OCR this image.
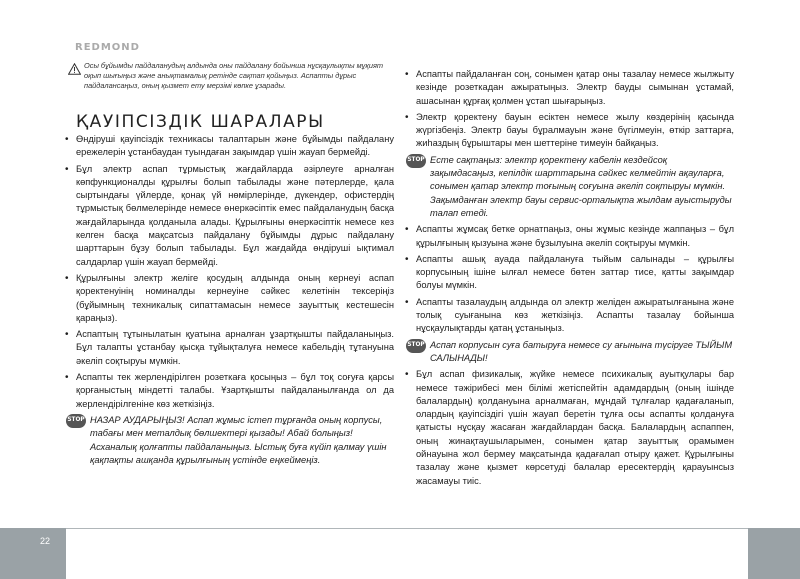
REDMOND
Осы бұйымды пайдаланудың алдында оны пайдалану бойынша нұсқаулықты мұқият оқып шығыңыз және анықтамалық ретінде сақтап қойыңыз. Аспапты дұрыс пайдалансаңыз, оның қызмет ету мерзімі көпке ұзарады.
ҚАУІПСІЗДІК ШАРАЛАРЫ
• Өндіруші қауіпсіздік техникасы талаптарын және бұйымды пайдалану ережелерін ұстанбаудан туындаған зақымдар үшін жауап бермейді.
• Бұл электр аспап тұрмыстық жағдайларда әзірлеуге арналған көпфункционалды құрылғы болып табылады және пәтерлерде, қала сыртындағы үйлерде, қонақ үй нөмірлерінде, дүкендер, офистердің тұрмыстық бөлмелерінде немесе өнеркәсіптік емес пайдаланудың басқа жағдайларында қолданыла алады. Құрылғыны өнеркәсіптік немесе кез келген басқа мақсатсыз пайдалану бұйымды дұрыс пайдалану шарттарын бұзу болып табылады. Бұл жағдайда өндіруші ықтимал салдарлар үшін жауап бермейді.
• Құрылғыны электр желіге қосудың алдында оның кернеуі аспап қоректенуінің номиналды кернеуіне сәйкес келетінін тексеріңіз (бұйымның техникалық сипаттамасын немесе зауыттық кестешесін қараңыз).
• Аспаптың тұтынылатын қуатына арналған ұзартқышты пайдаланыңыз. Бұл талапты ұстанбау қысқа тұйықталуға немесе кабельдің тұтануына әкеліп соқтыруы мүмкін.
• Аспапты тек жерлендірілген розеткаға қосыңыз – бұл тоқ соғуға қарсы қорғаныстың міндетті талабы. Ұзартқышты пайдаланылғанда ол да жерлендірілгеніне көз жеткізіңіз.
STOP НАЗАР АУДАРЫҢЫЗ! Аспап жұмыс істеп тұрғанда оның корпусы, табағы мен металдық бөлшектері қызады! Абай болыңыз! Асханалық қолғапты пайдаланыңыз. Ыстық буға күйіп қалмау үшін қақпақты ашқанда құрылғының үстінде еңкеймеңіз.
• Аспапты пайдаланған соң, сонымен қатар оны тазалау немесе жылжыту кезінде розеткадан ажыратыңыз. Электр бауды сымынан ұстамай, ашасынан құрғақ қолмен ұстап шығарыңыз.
• Электр қоректену бауын есіктен немесе жылу көздерінің қасында жүргізбеңіз. Электр бауы бұралмауын және бүгілмеуін, өткір заттарға, жиһаздың бұрыштары мен шеттеріне тимеуін байқаңыз.
STOP Есте сақтаңыз: электр қоректену кабелін кездейсоқ зақымдасаңыз, кепілдік шарттарына сәйкес келмейтін ақауларға, сонымен қатар электр тоғының соғуына әкеліп соқтыруы мүмкін. Зақымданған электр бауы сервис-орталықта жылдам ауыстыруды талап етеді.
• Аспапты жұмсақ бетке орнатпаңыз, оны жұмыс кезінде жаппаңыз – бұл құрылғының қызуына және бұзылуына әкеліп соқтыруы мүмкін.
• Аспапты ашық ауада пайдалануға тыйым салынады – құрылғы корпусының ішіне ылғал немесе бөтен заттар тисе, қатты зақымдар болуы мүмкін.
• Аспапты тазалаудың алдында ол электр желіден ажыратылғанына және толық суығанына көз жеткізіңіз. Аспапты тазалау бойынша нұсқаулықтарды қатаң ұстаныңыз.
STOP Аспап корпусын суға батыруға немесе су ағынына түсіруге ТЫЙЫМ САЛЫНАДЫ!
• Бұл аспап физикалық, жүйке немесе психикалық ауытқулары бар немесе тәжірибесі мен білімі жетіспейтін адамдардың (оның ішінде балалардың) қолдануына арналмаған, мұндай тұлғалар қадағаланып, олардың қауіпсіздігі үшін жауап беретін тұлға осы аспапты қолдануға қатысты нұсқау жасаған жағдайлардан басқа. Балалардың аспаппен, оның жинақтаушыларымен, сонымен қатар зауыттық орамымен ойнауына жол бермеу мақсатында қадағалап отыру қажет. Құрылғыны тазалау және қызмет көрсетуді балалар ересектердің қарауынсыз жасамауы тиіс.
22
